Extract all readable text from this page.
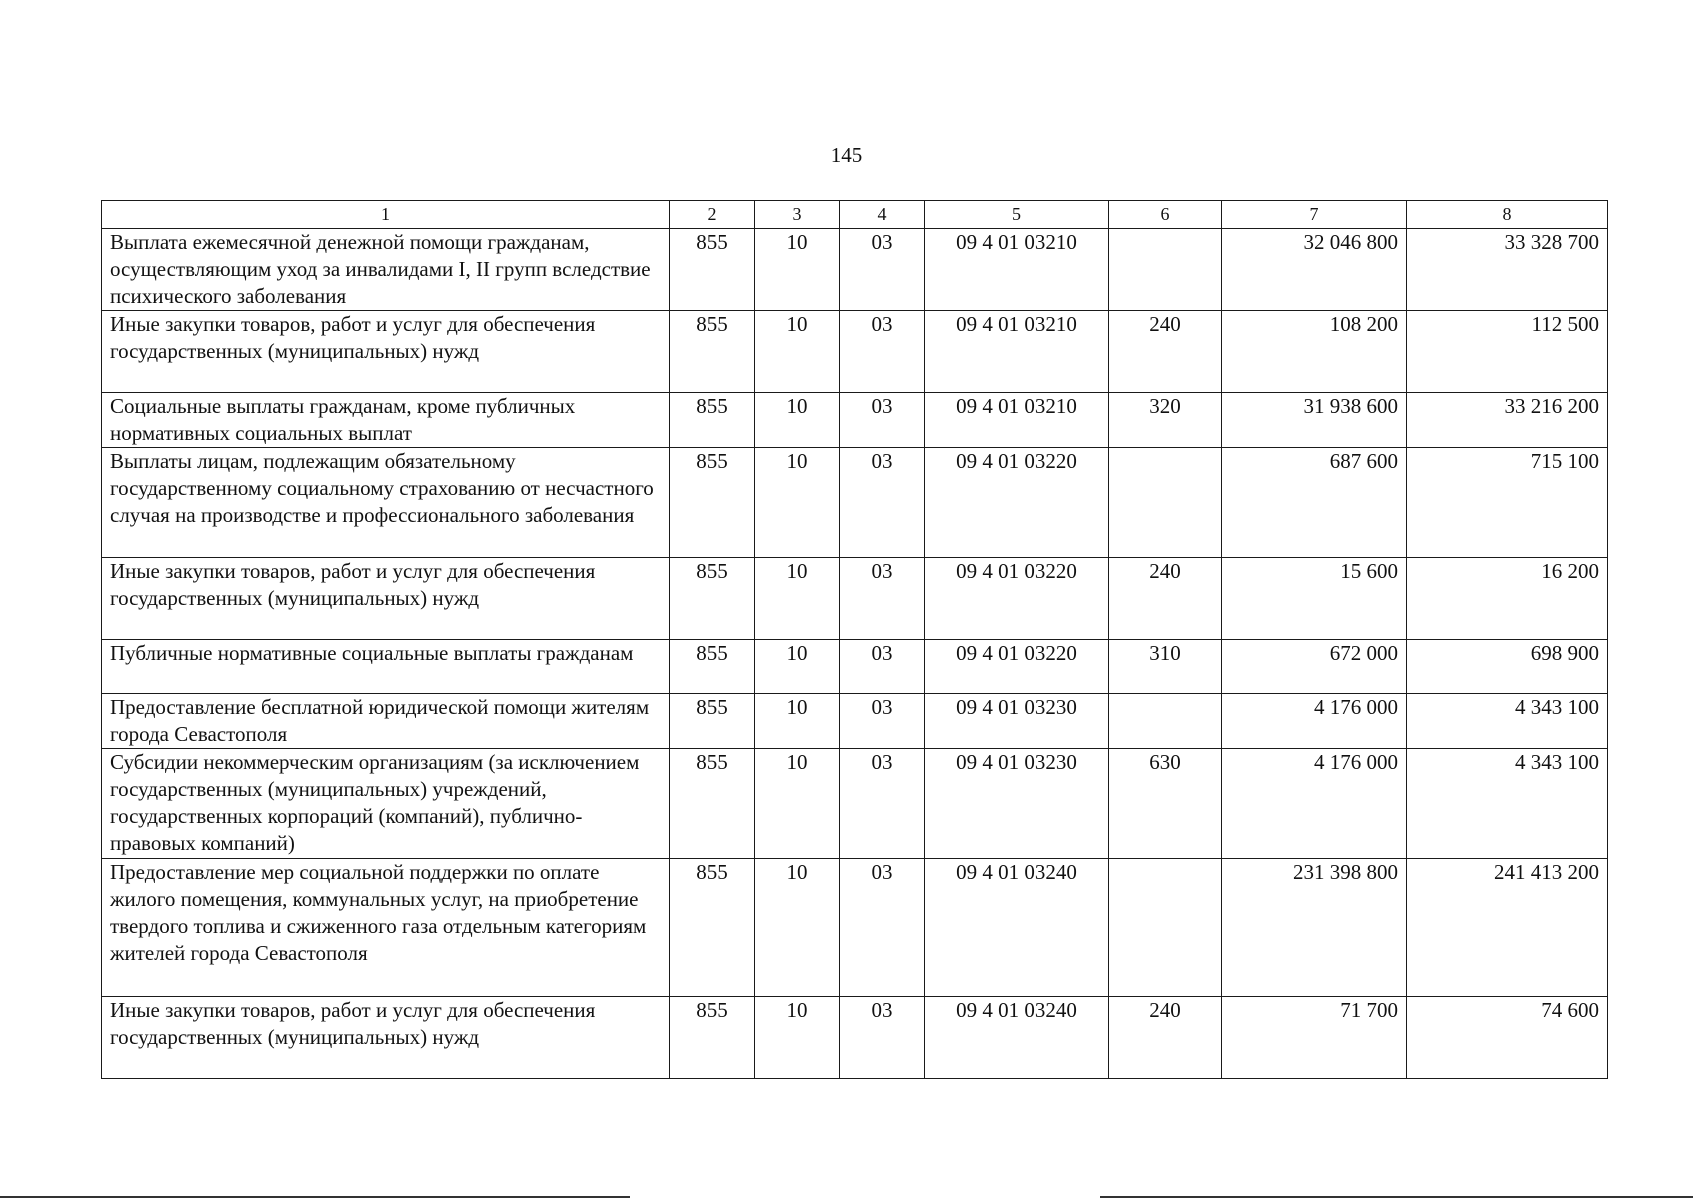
145
1	2	3	4	5	6	7	8
Выплата ежемесячной денежной помощи гражданам, осуществляющим уход за инвалидами I, II групп вследствие психического заболевания	855	10	03	09 4 01 03210		32 046 800	33 328 700
Иные закупки товаров, работ и услуг для обеспечения государственных (муниципальных) нужд	855	10	03	09 4 01 03210	240	108 200	112 500
Социальные выплаты гражданам, кроме публичных нормативных социальных выплат	855	10	03	09 4 01 03210	320	31 938 600	33 216 200
Выплаты лицам, подлежащим обязательному государственному социальному страхованию от несчастного случая на производстве и профессионального заболевания	855	10	03	09 4 01 03220		687 600	715 100
Иные закупки товаров, работ и услуг для обеспечения государственных (муниципальных) нужд	855	10	03	09 4 01 03220	240	15 600	16 200
Публичные нормативные социальные выплаты гражданам	855	10	03	09 4 01 03220	310	672 000	698 900
Предоставление бесплатной юридической помощи жителям города Севастополя	855	10	03	09 4 01 03230		4 176 000	4 343 100
Субсидии некоммерческим организациям (за исключением государственных (муниципальных) учреждений, государственных корпораций (компаний), публично-правовых компаний)	855	10	03	09 4 01 03230	630	4 176 000	4 343 100
Предоставление мер социальной поддержки по оплате жилого помещения, коммунальных услуг, на приобретение твердого топлива и сжиженного газа отдельным категориям жителей города Севастополя	855	10	03	09 4 01 03240		231 398 800	241 413 200
Иные закупки товаров, работ и услуг для обеспечения государственных (муниципальных) нужд	855	10	03	09 4 01 03240	240	71 700	74 600
